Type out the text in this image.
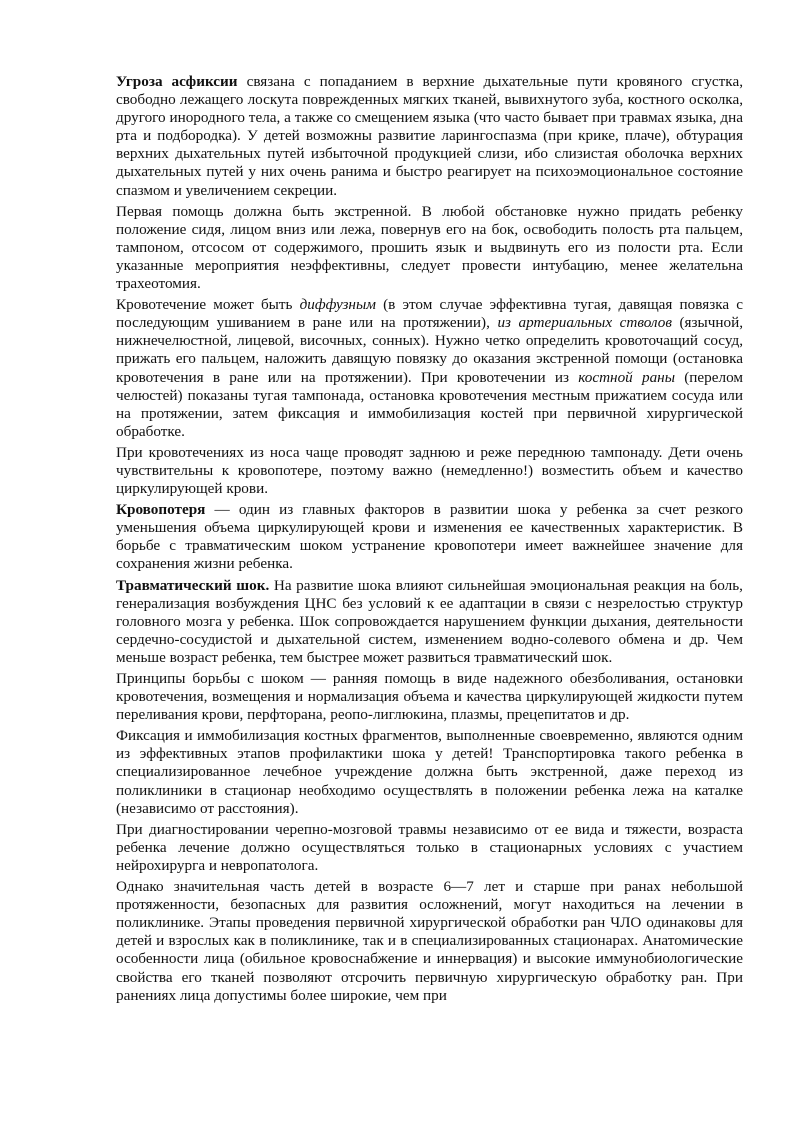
Угроза асфиксии связана с попаданием в верхние дыхательные пути кровяного сгустка, свободно лежащего лоскута поврежденных мягких тканей, вывихнутого зуба, костного осколка, другого инородного тела, а также со смещением языка (что часто бывает при травмах языка, дна рта и подбородка). У детей возможны развитие ларингоспазма (при крике, плаче), обтурация верхних дыхательных путей избыточной продукцией слизи, ибо слизистая оболочка верхних дыхательных путей у них очень ранима и быстро реагирует на психоэмоциональное состояние спазмом и увеличением секреции.

Первая помощь должна быть экстренной. В любой обстановке нужно придать ребенку положение сидя, лицом вниз или лежа, повернув его на бок, освободить полость рта пальцем, тампоном, отсосом от содержимого, прошить язык и выдвинуть его из полости рта. Если указанные мероприятия неэффективны, следует провести интубацию, менее желательна трахеотомия.

Кровотечение может быть диффузным (в этом случае эффективна тугая, давящая повязка с последующим ушиванием в ране или на протяжении), из артериальных стволов (язычной, нижнечелюстной, лицевой, височных, сонных). Нужно четко определить кровоточащий сосуд, прижать его пальцем, наложить давящую повязку до оказания экстренной помощи (остановка кровотечения в ране или на протяжении). При кровотечении из костной раны (перелом челюстей) показаны тугая тампонада, остановка кровотечения местным прижатием сосуда или на протяжении, затем фиксация и иммобилизация костей при первичной хирургической обработке.

При кровотечениях из носа чаще проводят заднюю и реже переднюю тампонаду. Дети очень чувствительны к кровопотере, поэтому важно (немедленно!) возместить объем и качество циркулирующей крови.

Кровопотеря — один из главных факторов в развитии шока у ребенка за счет резкого уменьшения объема циркулирующей крови и изменения ее качественных характеристик. В борьбе с травматическим шоком устранение кровопотери имеет важнейшее значение для сохранения жизни ребенка.

Травматический шок. На развитие шока влияют сильнейшая эмоциональная реакция на боль, генерализация возбуждения ЦНС без условий к ее адаптации в связи с незрелостью структур головного мозга у ребенка. Шок сопровождается нарушением функции дыхания, деятельности сердечно-сосудистой и дыхательной систем, изменением водно-солевого обмена и др. Чем меньше возраст ребенка, тем быстрее может развиться травматический шок.

Принципы борьбы с шоком — ранняя помощь в виде надежного обезболивания, остановки кровотечения, возмещения и нормализация объема и качества циркулирующей жидкости путем переливания крови, перфторана, реопо-лиглюкина, плазмы, прецепитатов и др.

Фиксация и иммобилизация костных фрагментов, выполненные своевременно, являются одним из эффективных этапов профилактики шока у детей! Транспортировка такого ребенка в специализированное лечебное учреждение должна быть экстренной, даже переход из поликлиники в стационар необходимо осуществлять в положении ребенка лежа на каталке (независимо от расстояния).

При диагностировании черепно-мозговой травмы независимо от ее вида и тяжести, возраста ребенка лечение должно осуществляться только в стационарных условиях с участием нейрохирурга и невропатолога.

Однако значительная часть детей в возрасте 6—7 лет и старше при ранах небольшой протяженности, безопасных для развития осложнений, могут находиться на лечении в поликлинике. Этапы проведения первичной хирургической обработки ран ЧЛО одинаковы для детей и взрослых как в поликлинике, так и в специализированных стационарах. Анатомические особенности лица (обильное кровоснабжение и иннервация) и высокие иммунобиологические свойства его тканей позволяют отсрочить первичную хирургическую обработку ран. При ранениях лица допустимы более широкие, чем при
